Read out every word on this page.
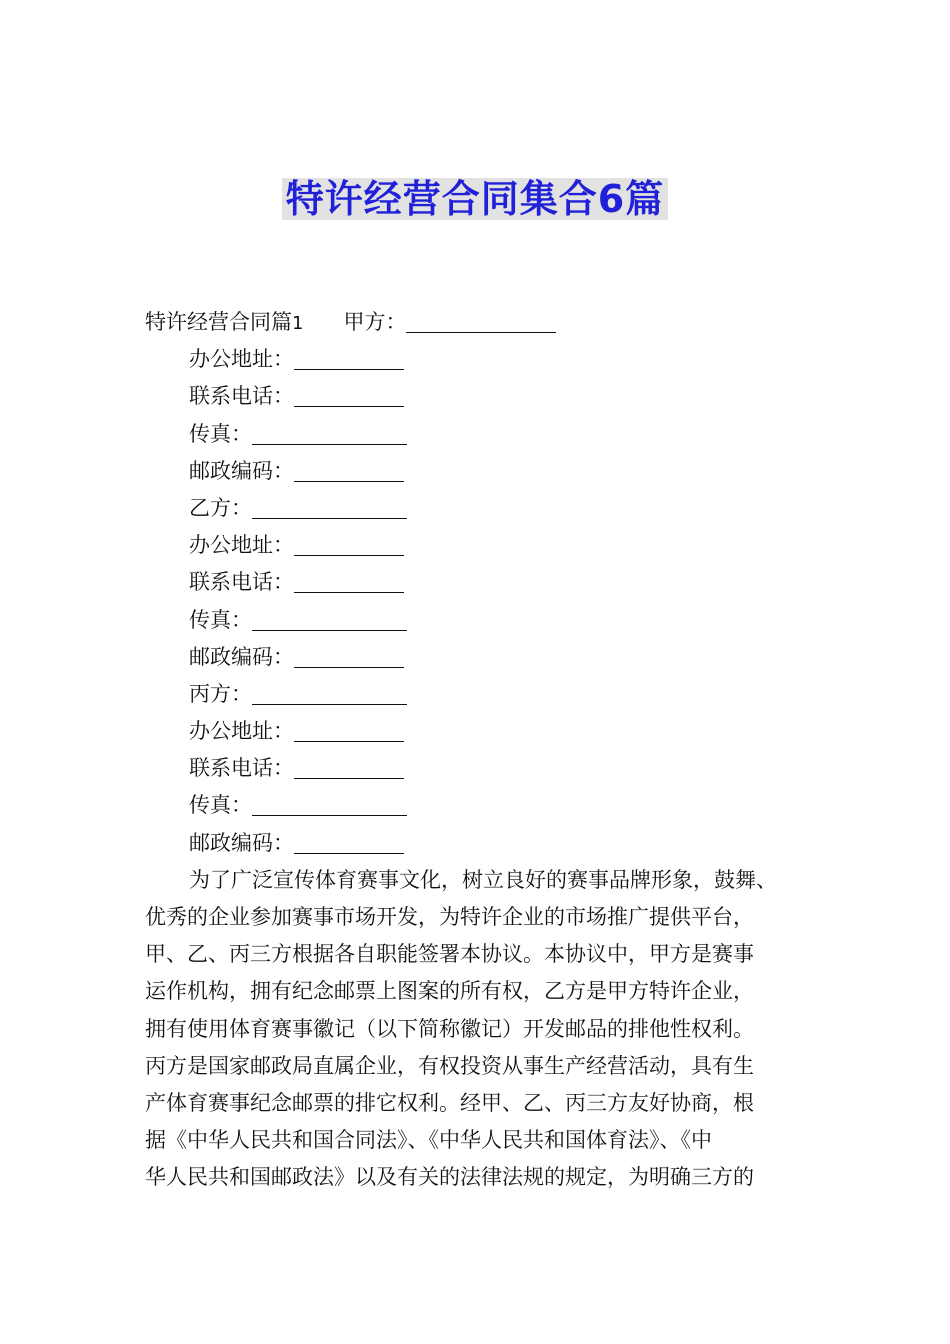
特许经营合同集合6篇
特许经营合同篇1 甲方：
办公地址：
联系电话：
传真：
邮政编码：
乙方：
办公地址：
联系电话：
传真：
邮政编码：
丙方：
办公地址：
联系电话：
传真：
邮政编码：
为了广泛宣传体育赛事文化，树立良好的赛事品牌形象，鼓舞、
优秀的企业参加赛事市场开发，为特许企业的市场推广提供平台，
甲、乙、丙三方根据各自职能签署本协议。本协议中，甲方是赛事
运作机构，拥有纪念邮票上图案的所有权，乙方是甲方特许企业，
拥有使用体育赛事徽记（以下简称徽记）开发邮品的排他性权利。
丙方是国家邮政局直属企业，有权投资从事生产经营活动，具有生
产体育赛事纪念邮票的排它权利。经甲、乙、丙三方友好协商，根
据《中华人民共和国合同法》、《中华人民共和国体育法》、《中
华人民共和国邮政法》以及有关的法律法规的规定，为明确三方的
